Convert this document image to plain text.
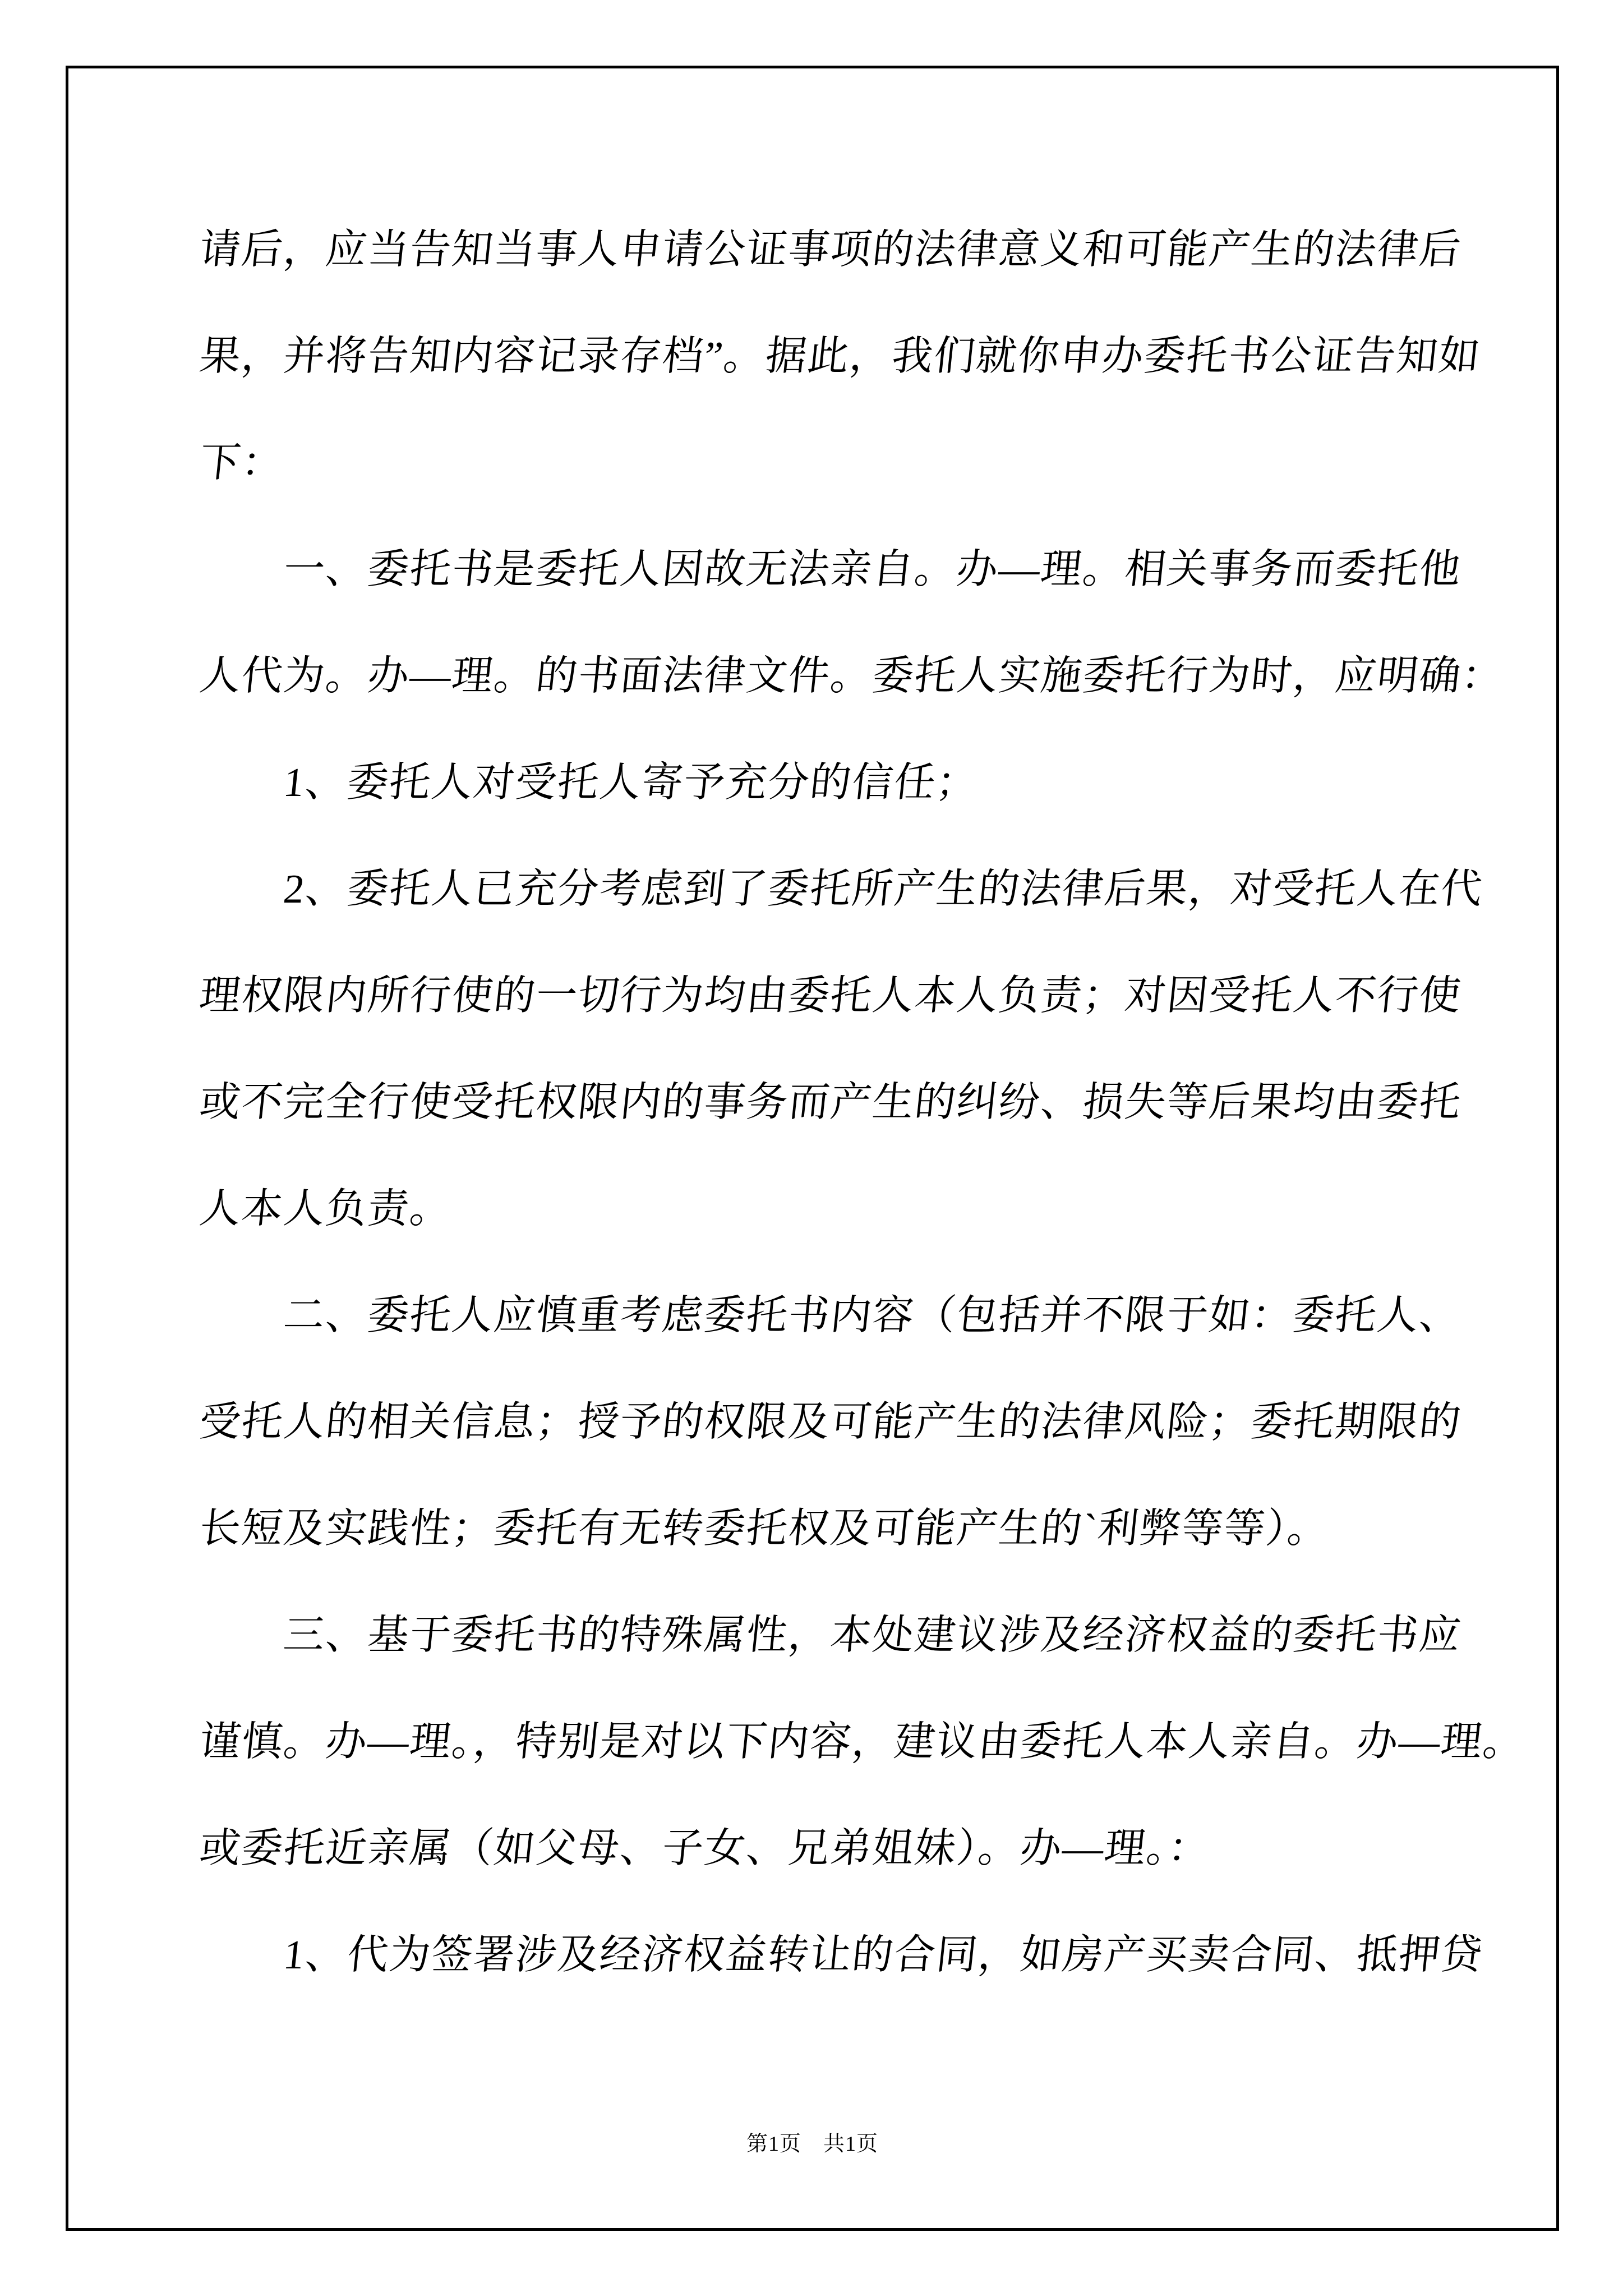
请后，应当告知当事人申请公证事项的法律意义和可能产生的法律后
果，并将告知内容记录存档”。据此，我们就你申办委托书公证告知如
下：
　　一、委托书是委托人因故无法亲自。办—理。相关事务而委托他
人代为。办—理。的书面法律文件。委托人实施委托行为时，应明确：
　　1、委托人对受托人寄予充分的信任；
　　2、委托人已充分考虑到了委托所产生的法律后果，对受托人在代
理权限内所行使的一切行为均由委托人本人负责；对因受托人不行使
或不完全行使受托权限内的事务而产生的纠纷、损失等后果均由委托
人本人负责。
　　二、委托人应慎重考虑委托书内容（包括并不限于如：委托人、
受托人的相关信息；授予的权限及可能产生的法律风险；委托期限的
长短及实践性；委托有无转委托权及可能产生的`利弊等等）。
　　三、基于委托书的特殊属性，本处建议涉及经济权益的委托书应
谨慎。办—理。，特别是对以下内容，建议由委托人本人亲自。办—理。
或委托近亲属（如父母、子女、兄弟姐妹）。办—理。：
　　1、代为签署涉及经济权益转让的合同，如房产买卖合同、抵押贷
第1页　共1页
